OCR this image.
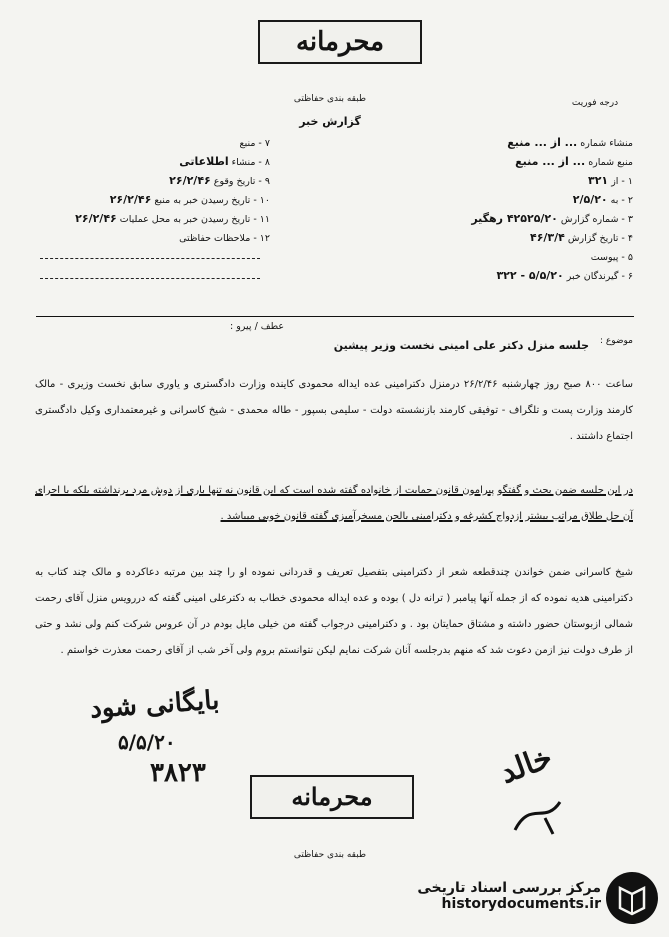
محرمانه
طبقه بندی حفاظتی
گزارش خبر
درجه فوریت
۷ - منبع
۸ - منشاء اطلاعاتی
۹ - تاریخ وقوع ۲۶/۲/۴۶
۱۰ - تاریخ رسیدن خبر به منبع ۲۶/۲/۴۶
۱۱ - تاریخ رسیدن خبر به محل عملیات ۲۶/۲/۴۶
۱۲ - ملاحظات حفاظتی
منشاء شماره ... از ... منبع
منبع شماره ... از ... منبع
۱ - از ۳۲۱
۲ - به ۲/۵/۲۰
۳ - شماره گزارش ۴۲۵۲۵/۲۰ رهگیر
۴ - تاریخ گزارش ۴۶/۳/۴
۵ - پیوست
۶ - گیرندگان خبر ۵/۵/۲۰ - ۳۲۲
عطف / پیرو :
موضوع :
جلسه منزل دکتر علی امینی نخست وزیر پیشین
ساعت ۸۰۰ صبح روز چهارشنبه ۲۶/۲/۴۶ درمنزل دکترامینی عده ایداله محمودی کاینده وزارت دادگستری و یاوری سابق نخست وزیری - مالک کارمند وزارت پست و تلگراف - توفیقی کارمند بازنشسته دولت - سلیمی بسپور - طاله محمدی - شیخ کاسرانی و غیرمعتمداری وکیل دادگستری اجتماع داشتند .
در این جلسه ضمن بحث و گفتگو پیرامون قانون حمایت از خانواده گفته شده است که این قانون نه تنها باری از دوش مرد برنداشته بلکه با اجرای آن حل طلاق مراتب بیشتر ازدواج کشرغه و دکترامینی بالحن مسخرآمیزی گفته قانون خوبی میباشد .
شیخ کاسرانی ضمن خواندن چندقطعه شعر از دکترامینی بتفصیل تعریف و قدردانی نموده او را چند بین مرتبه دعاکرده و مالک چند کتاب به دکترامینی هدیه نموده که از جمله آنها پیامبر ( ترانه دل ) بوده و عده ایداله محمودی خطاب به دکترعلی امینی گفته که دررویس منزل آقای رحمت شمالی ازبوستان حضور داشته و مشتاق حمایتان بود . و دکترامینی درجواب گفته من خیلی مایل بودم در آن عروس شرکت کنم ولی نشد و حتی از طرف دولت نیز ازمن دعوت شد که منهم بدرجلسه آنان شرکت نمایم لیکن نتوانستم بروم ولی آخر شب از آقای رحمت معذرت خواستم .
بایگانی شود
۵/۵/۲۰
۳۸۲۳	خالد
محرمانه
طبقه بندی حفاظتی
مرکز بررسی اسناد تاریخی
historydocuments.ir
